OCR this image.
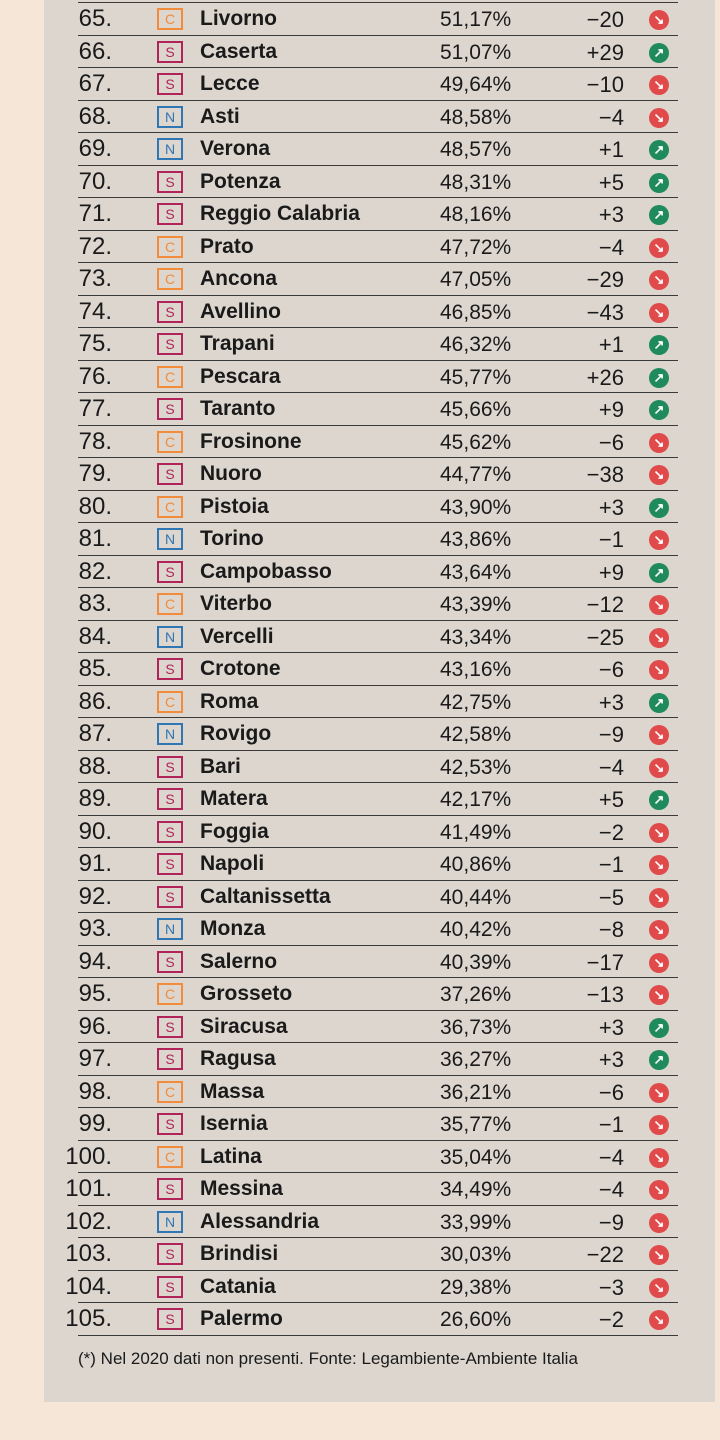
65.	C	Livorno	51,17%	−20	↘
66.	S	Caserta	51,07%	+29	↗
67.	S	Lecce	49,64%	−10	↘
68.	N	Asti	48,58%	−4	↘
69.	N	Verona	48,57%	+1	↗
70.	S	Potenza	48,31%	+5	↗
71.	S	Reggio Calabria	48,16%	+3	↗
72.	C	Prato	47,72%	−4	↘
73.	C	Ancona	47,05%	−29	↘
74.	S	Avellino	46,85%	−43	↘
75.	S	Trapani	46,32%	+1	↗
76.	C	Pescara	45,77%	+26	↗
77.	S	Taranto	45,66%	+9	↗
78.	C	Frosinone	45,62%	−6	↘
79.	S	Nuoro	44,77%	−38	↘
80.	C	Pistoia	43,90%	+3	↗
81.	N	Torino	43,86%	−1	↘
82.	S	Campobasso	43,64%	+9	↗
83.	C	Viterbo	43,39%	−12	↘
84.	N	Vercelli	43,34%	−25	↘
85.	S	Crotone	43,16%	−6	↘
86.	C	Roma	42,75%	+3	↗
87.	N	Rovigo	42,58%	−9	↘
88.	S	Bari	42,53%	−4	↘
89.	S	Matera	42,17%	+5	↗
90.	S	Foggia	41,49%	−2	↘
91.	S	Napoli	40,86%	−1	↘
92.	S	Caltanissetta	40,44%	−5	↘
93.	N	Monza	40,42%	−8	↘
94.	S	Salerno	40,39%	−17	↘
95.	C	Grosseto	37,26%	−13	↘
96.	S	Siracusa	36,73%	+3	↗
97.	S	Ragusa	36,27%	+3	↗
98.	C	Massa	36,21%	−6	↘
99.	S	Isernia	35,77%	−1	↘
100.	C	Latina	35,04%	−4	↘
101.	S	Messina	34,49%	−4	↘
102.	N	Alessandria	33,99%	−9	↘
103.	S	Brindisi	30,03%	−22	↘
104.	S	Catania	29,38%	−3	↘
105.	S	Palermo	26,60%	−2	↘
(*) Nel 2020 dati non presenti. Fonte: Legambiente-Ambiente Italia
